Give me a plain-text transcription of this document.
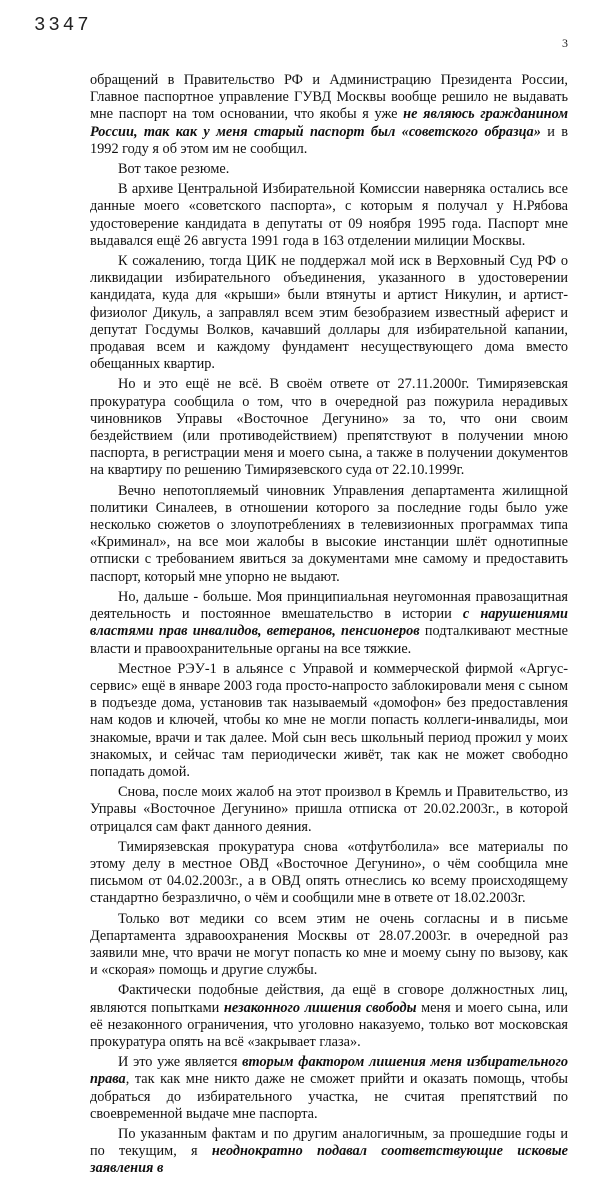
3347
3

обращений в Правительство РФ и Администрацию Президента России, Главное паспортное управление ГУВД Москвы вообще решило не выдавать мне паспорт на том основании, что якобы я уже не являюсь гражданином России, так как у меня старый паспорт был «советского образца» и в 1992 году я об этом им не сообщил.

Вот такое резюме.

В архиве Центральной Избирательной Комиссии наверняка остались все данные моего «советского паспорта», с которым я получал у Н.Рябова удостоверение кандидата в депутаты от 09 ноября 1995 года. Паспорт мне выдавался ещё 26 августа 1991 года в 163 отделении милиции Москвы.

К сожалению, тогда ЦИК не поддержал мой иск в Верховный Суд РФ о ликвидации избирательного объединения, указанного в удостоверении кандидата, куда для «крыши» были втянуты и артист Никулин, и артист-физиолог Дикуль, а заправлял всем этим безобразием известный аферист и депутат Госдумы Волков, качавший доллары для избирательной капании, продавая всем и каждому фундамент несуществующего дома вместо обещанных квартир.

Но и это ещё не всё. В своём ответе от 27.11.2000г. Тимирязевская прокуратура сообщила о том, что в очередной раз пожурила нерадивых чиновников Управы «Восточное Дегунино» за то, что они своим бездействием (или противодействием) препятствуют в получении мною паспорта, в регистрации меня и моего сына, а также в получении документов на квартиру по решению Тимирязевского суда от 22.10.1999г.

Вечно непотопляемый чиновник Управления департамента жилищной политики Синалеев, в отношении которого за последние годы было уже несколько сюжетов о злоупотреблениях в телевизионных программах типа «Криминал», на все мои жалобы в высокие инстанции шлёт однотипные отписки с требованием явиться за документами мне самому и предоставить паспорт, который мне упорно не выдают.

Но, дальше - больше. Моя принципиальная неугомонная правозащитная деятельность и постоянное вмешательство в истории с нарушениями властями прав инвалидов, ветеранов, пенсионеров подталкивают местные власти и правоохранительные органы на все тяжкие.

Местное РЭУ-1 в альянсе с Управой и коммерческой фирмой «Аргус-сервис» ещё в январе 2003 года просто-напросто заблокировали меня с сыном в подъезде дома, установив так называемый «домофон» без предоставления нам кодов и ключей, чтобы ко мне не могли попасть коллеги-инвалиды, мои знакомые, врачи и так далее. Мой сын весь школьный период прожил у моих знакомых, и сейчас там периодически живёт, так как не может свободно попадать домой.

Снова, после моих жалоб на этот произвол в Кремль и Правительство, из Управы «Восточное Дегунино» пришла отписка от 20.02.2003г., в которой отрицался сам факт данного деяния.

Тимирязевская прокуратура снова «отфутболила» все материалы по этому делу в местное ОВД «Восточное Дегунино», о чём сообщила мне письмом от 04.02.2003г., а в ОВД опять отнеслись ко всему происходящему стандартно безразлично, о чём и сообщили мне в ответе от 18.02.2003г.

Только вот медики со всем этим не очень согласны и в письме Департамента здравоохранения Москвы от 28.07.2003г. в очередной раз заявили мне, что врачи не могут попасть ко мне и моему сыну по вызову, как и «скорая» помощь и другие службы.

Фактически подобные действия, да ещё в сговоре должностных лиц, являются попытками незаконного лишения свободы меня и моего сына, или её незаконного ограничения, что уголовно наказуемо, только вот московская прокуратура опять на всё «закрывает глаза».

И это уже является вторым фактором лишения меня избирательного права, так как мне никто даже не сможет прийти и оказать помощь, чтобы добраться до избирательного участка, не считая препятствий по своевременной выдаче мне паспорта.

По указанным фактам и по другим аналогичным, за прошедшие годы и по текущим, я неоднократно подавал соответствующие исковые заявления в
